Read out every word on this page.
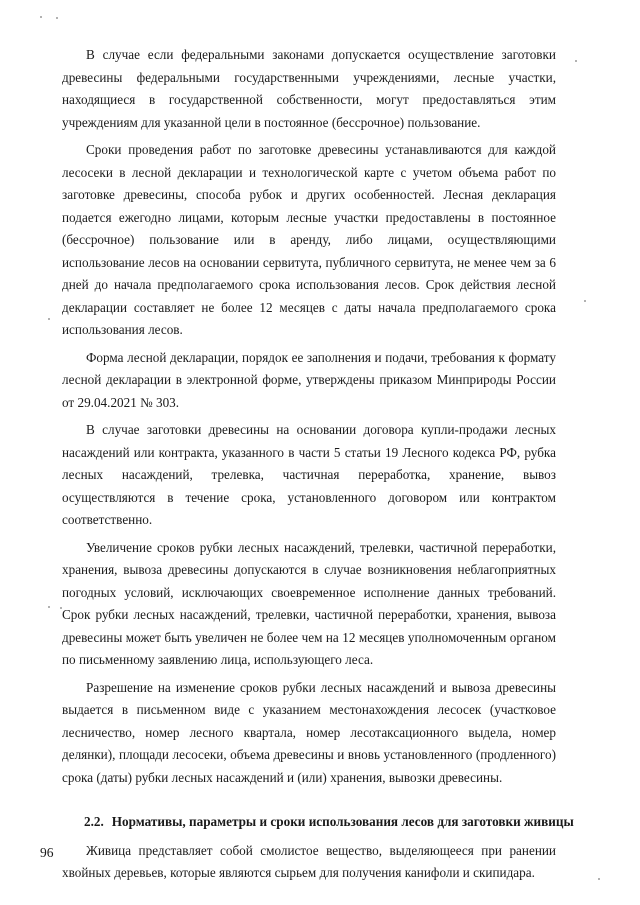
В случае если федеральными законами допускается осуществление заготовки древесины федеральными государственными учреждениями, лесные участки, находящиеся в государственной собственности, могут предоставляться этим учреждениям для указанной цели в постоянное (бессрочное) пользование.

Сроки проведения работ по заготовке древесины устанавливаются для каждой лесосеки в лесной декларации и технологической карте с учетом объема работ по заготовке древесины, способа рубок и других особенностей. Лесная декларация подается ежегодно лицами, которым лесные участки предоставлены в постоянное (бессрочное) пользование или в аренду, либо лицами, осуществляющими использование лесов на основании сервитута, публичного сервитута, не менее чем за 6 дней до начала предполагаемого срока использования лесов. Срок действия лесной декларации составляет не более 12 месяцев с даты начала предполагаемого срока использования лесов.

Форма лесной декларации, порядок ее заполнения и подачи, требования к формату лесной декларации в электронной форме, утверждены приказом Минприроды России от 29.04.2021 № 303.

В случае заготовки древесины на основании договора купли-продажи лесных насаждений или контракта, указанного в части 5 статьи 19 Лесного кодекса РФ, рубка лесных насаждений, трелевка, частичная переработка, хранение, вывоз осуществляются в течение срока, установленного договором или контрактом соответственно.

Увеличение сроков рубки лесных насаждений, трелевки, частичной переработки, хранения, вывоза древесины допускаются в случае возникновения неблагоприятных погодных условий, исключающих своевременное исполнение данных требований. Срок рубки лесных насаждений, трелевки, частичной переработки, хранения, вывоза древесины может быть увеличен не более чем на 12 месяцев уполномоченным органом по письменному заявлению лица, использующего леса.

Разрешение на изменение сроков рубки лесных насаждений и вывоза древесины выдается в письменном виде с указанием местонахождения лесосек (участковое лесничество, номер лесного квартала, номер лесотаксационного выдела, номер делянки), площади лесосеки, объема древесины и вновь установленного (продленного) срока (даты) рубки лесных насаждений и (или) хранения, вывозки древесины.

2.2. Нормативы, параметры и сроки использования лесов для заготовки живицы

Живица представляет собой смолистое вещество, выделяющееся при ранении хвойных деревьев, которые являются сырьем для получения канифоли и скипидара.

96
